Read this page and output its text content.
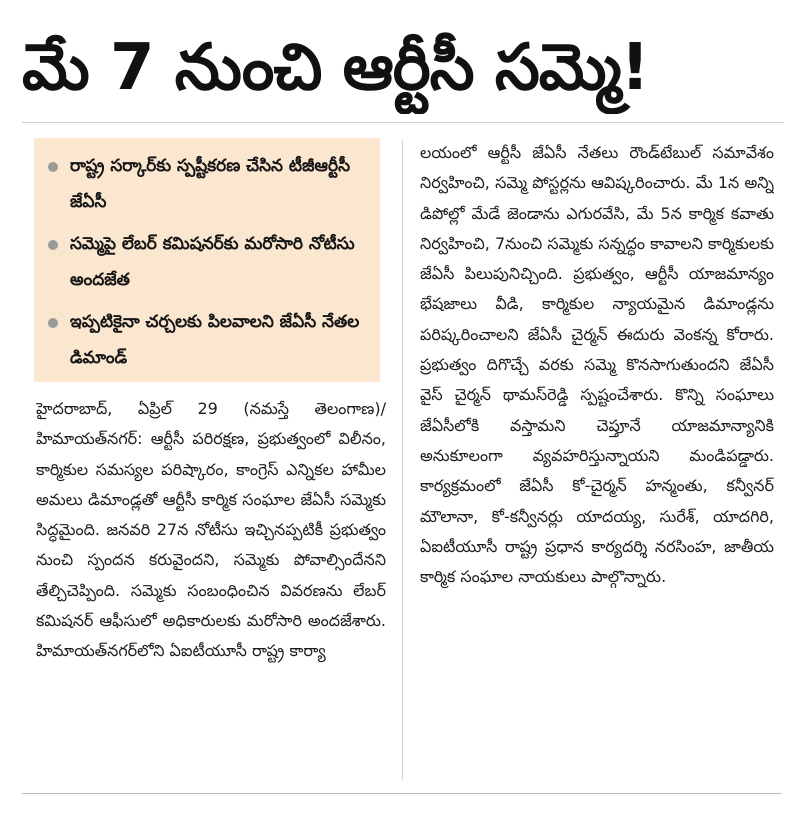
మే 7 నుంచి ఆర్టీసీ సమ్మె!
రాష్ట్ర సర్కార్‌కు స్పష్టీకరణ చేసిన టీజీఆర్టీసీ జేఏసీ
సమ్మెపై లేబర్‌ కమిషనర్‌కు మరోసారి నోటీసు అందజేత
ఇప్పటికైనా చర్చలకు పిలవాలని జేఏసీ నేతల డిమాండ్‌
హైదరాబాద్‌, ఏప్రిల్‌ 29 (నమస్తే తెలంగాణ)/హిమాయత్‌నగర్‌: ఆర్టీసీ పరిరక్షణ, ప్రభుత్వంలో విలీనం, కార్మికుల సమస్యల పరిష్కారం, కాంగ్రెస్‌ ఎన్నికల హామీల అమలు డిమాండ్లతో ఆర్టీసీ కార్మిక సంఘాల జేఏసీ సమ్మెకు సిద్ధమైంది. జనవరి 27న నోటీసు ఇచ్చినప్పటికీ ప్రభుత్వం నుంచి స్పందన కరువైందని, సమ్మెకు పోవాల్సిందేనని తేల్చిచెప్పింది. సమ్మెకు సంబంధించిన వివరణను లేబర్‌ కమిషనర్‌ ఆఫీసులో అధికారులకు మరోసారి అందజేశారు. హిమాయత్‌నగర్‌లోని ఏఐటీయూసీ రాష్ట్ర కార్యా
లయంలో ఆర్టీసీ జేఏసీ నేతలు రౌండ్‌టేబుల్‌ సమావేశం నిర్వహించి, సమ్మె పోస్టర్లను ఆవిష్కరించారు. మే 1న అన్ని డిపోల్లో మేడే జెండాను ఎగురవేసి, మే 5న కార్మిక కవాతు నిర్వహించి, 7నుంచి సమ్మెకు సన్నద్ధం కావాలని కార్మికులకు జేఏసీ పిలుపునిచ్చింది. ప్రభుత్వం, ఆర్టీసీ యాజమాన్యం భేషజాలు వీడి, కార్మికుల న్యాయమైన డిమాండ్లను పరిష్కరించాలని జేఏసీ చైర్మన్‌ ఈదురు వెంకన్న కోరారు. ప్రభుత్వం దిగొచ్చే వరకు సమ్మె కొనసాగుతుందని జేఏసీ వైస్‌ చైర్మన్‌ థామస్‌రెడ్డి స్పష్టంచేశారు. కొన్ని సంఘాలు జేఏసీలోకి వస్తామని చెప్తూనే యాజమాన్యానికి అనుకూలంగా వ్యవహరిస్తున్నాయని మండిపడ్డారు. కార్యక్రమంలో జేఏసీ కో-చైర్మన్‌ హన్మంతు, కన్వీనర్‌ మౌలానా, కో-కన్వీనర్లు యాదయ్య, సురేశ్‌, యాదగిరి, ఏఐటీయూసీ రాష్ట్ర ప్రధాన కార్యదర్శి నరసింహ, జాతీయ కార్మిక సంఘాల నాయకులు పాల్గొన్నారు.
